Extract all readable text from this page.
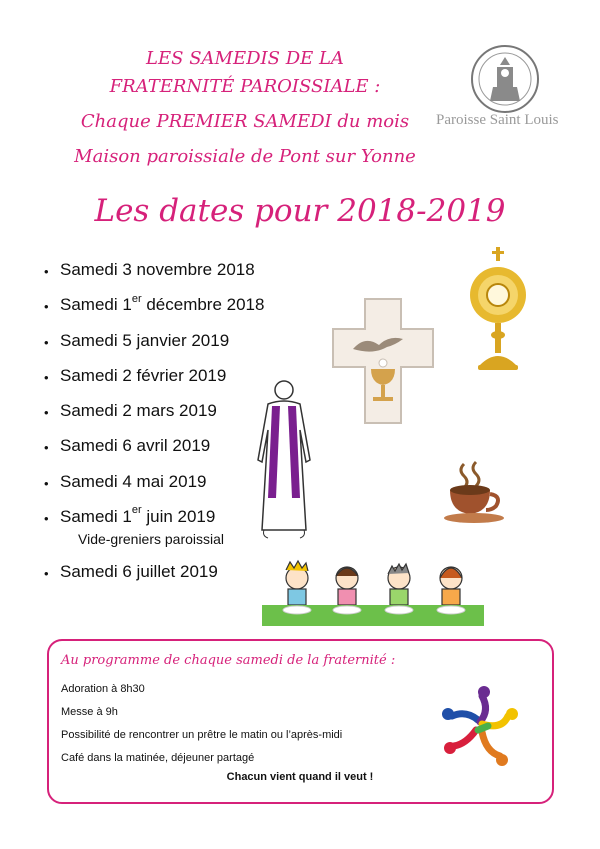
LES SAMEDIS DE LA
FRATERNITÉ PAROISSIALE :
Chaque PREMIER SAMEDI du mois
Maison paroissiale de Pont sur Yonne
Paroisse Saint Louis
Les dates pour 2018-2019
• Samedi 3 novembre 2018
• Samedi 1er décembre 2018
• Samedi 5 janvier 2019
• Samedi 2 février 2019
• Samedi 2 mars 2019
• Samedi 6 avril 2019
• Samedi 4 mai 2019
• Samedi 1er juin 2019
• Samedi 6 juillet 2019
Vide-greniers paroissial
Au programme de chaque samedi de la fraternité :
Adoration à 8h30
Messe à 9h
Possibilité de rencontrer un prêtre le matin ou l’après-midi
Café dans la matinée, déjeuner partagé
Chacun vient quand il veut !
